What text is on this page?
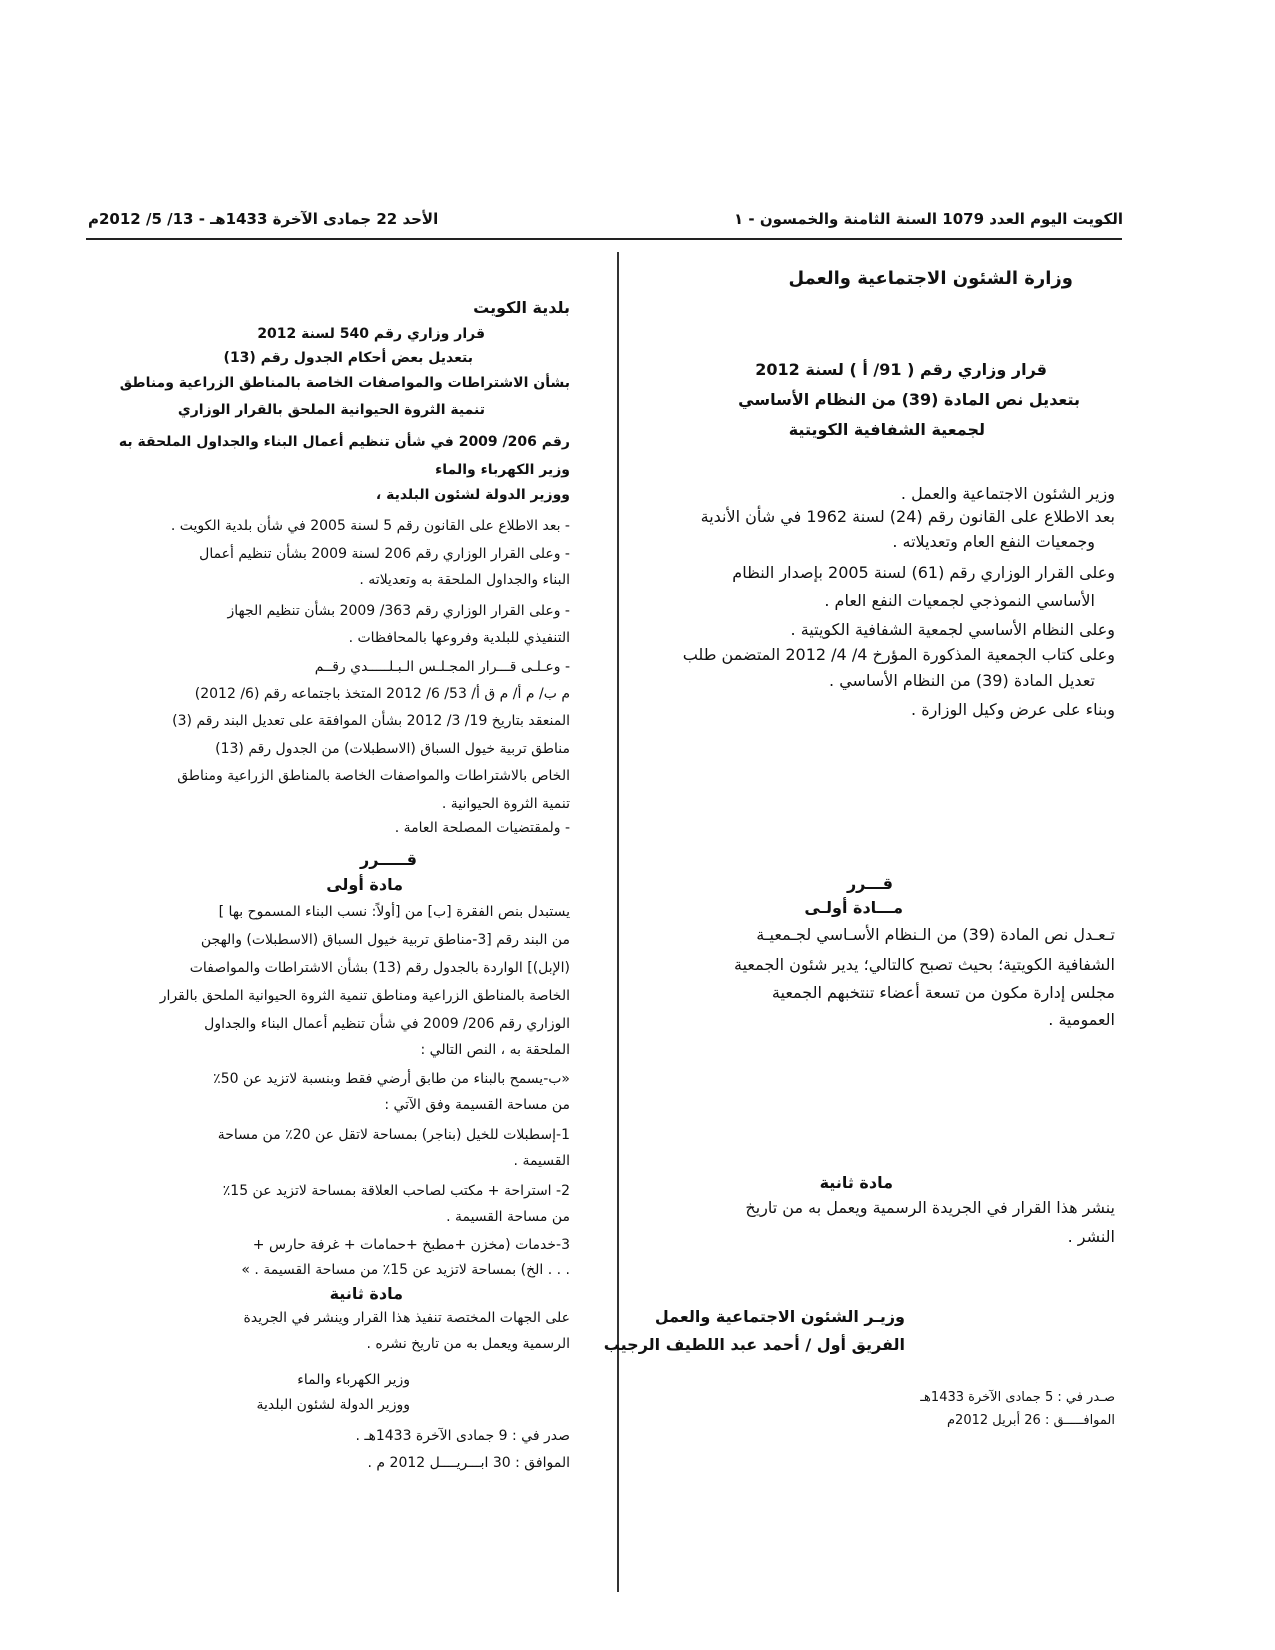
الكويت اليوم العدد 1079 السنة الثامنة والخمسون - ١
الأحد 22 جمادى الآخرة 1433هـ - 13/ 5/ 2012م
وزارة الشئون الاجتماعية والعمل
قرار وزاري رقم ( 91/ أ ) لسنة 2012
بتعديل نص المادة (39) من النظام الأساسي
لجمعية الشفافية الكويتية
وزير الشئون الاجتماعية والعمل .
بعد الاطلاع على القانون رقم (24) لسنة 1962 في شأن الأندية
وجمعيات النفع العام وتعديلاته .
وعلى القرار الوزاري رقم (61) لسنة 2005 بإصدار النظام
الأساسي النموذجي لجمعيات النفع العام .
وعلى النظام الأساسي لجمعية الشفافية الكويتية .
وعلى كتاب الجمعية المذكورة المؤرخ 4/ 4/ 2012 المتضمن طلب
تعديل المادة (39) من النظام الأساسي .
وبناء على عرض وكيل الوزارة .
قـــرر
مـــادة أولـى
تـعـدل نص المادة (39) من الـنظام الأسـاسي لجـمعيـة
الشفافية الكويتية؛ بحيث تصبح كالتالي؛ يدير شئون الجمعية
مجلس إدارة مكون من تسعة أعضاء تنتخبهم الجمعية
العمومية .
مادة ثانية
ينشر هذا القرار في الجريدة الرسمية ويعمل به من تاريخ
النشر .
وزيـر الشئون الاجتماعية والعمل
الفريق أول / أحمد عبد اللطيف الرجيب
صـدر في : 5 جمادى الآخرة 1433هـ
الموافـــــق : 26 أبريل 2012م
بلدية الكويت
قرار وزاري رقم 540 لسنة 2012
بتعديل بعض أحكام الجدول رقم (13)
بشأن الاشتراطات والمواصفات الخاصة بالمناطق الزراعية ومناطق
تنمية الثروة الحيوانية الملحق بالقرار الوزاري
رقم 206/ 2009 في شأن تنظيم أعمال البناء والجداول الملحقة به
وزير الكهرباء والماء
ووزير الدولة لشئون البلدية ،
- بعد الاطلاع على القانون رقم 5 لسنة 2005 في شأن بلدية الكويت .
- وعلى القرار الوزاري رقم 206 لسنة 2009 بشأن تنظيم أعمال
البناء والجداول الملحقة به وتعديلاته .
- وعلى القرار الوزاري رقم 363/ 2009 بشأن تنظيم الجهاز
التنفيذي للبلدية وفروعها بالمحافظات .
- وعـلـى قـــرار المجـلـس الـبـلـــــدي رقــم
م ب/ م أ/ م ق أ/ 53/ 6/ 2012 المتخذ باجتماعه رقم (6/ 2012)
المنعقد بتاريخ 19/ 3/ 2012 بشأن الموافقة على تعديل البند رقم (3)
مناطق تربية خيول السباق (الاسطبلات) من الجدول رقم (13)
الخاص بالاشتراطات والمواصفات الخاصة بالمناطق الزراعية ومناطق
تنمية الثروة الحيوانية .
- ولمقتضيات المصلحة العامة .
قـــــرر
مادة أولى
يستبدل بنص الفقرة [ب] من [أولاً: نسب البناء المسموح بها ]
من البند رقم [3-مناطق تربية خيول السباق (الاسطبلات) والهجن
(الإبل)] الواردة بالجدول رقم (13) بشأن الاشتراطات والمواصفات
الخاصة بالمناطق الزراعية ومناطق تنمية الثروة الحيوانية الملحق بالقرار
الوزاري رقم 206/ 2009 في شأن تنظيم أعمال البناء والجداول
الملحقة به ، النص التالي :
«ب-يسمح بالبناء من طابق أرضي فقط وبنسبة لاتزيد عن 50٪
من مساحة القسيمة وفق الآتي :
1-إسطبلات للخيل (بناجر) بمساحة لاتقل عن 20٪ من مساحة
القسيمة .
2- استراحة + مكتب لصاحب العلاقة بمساحة لاتزيد عن 15٪
من مساحة القسيمة .
3-خدمات (مخزن +مطبخ +حمامات + غرفة حارس +
. . . الخ) بمساحة لاتزيد عن 15٪ من مساحة القسيمة . »
مادة ثانية
على الجهات المختصة تنفيذ هذا القرار وينشر في الجريدة
الرسمية ويعمل به من تاريخ نشره .
وزير الكهرباء والماء
ووزير الدولة لشئون البلدية
صدر في : 9 جمادى الآخرة 1433هـ .
الموافق : 30 ابـــريــــل 2012 م .
